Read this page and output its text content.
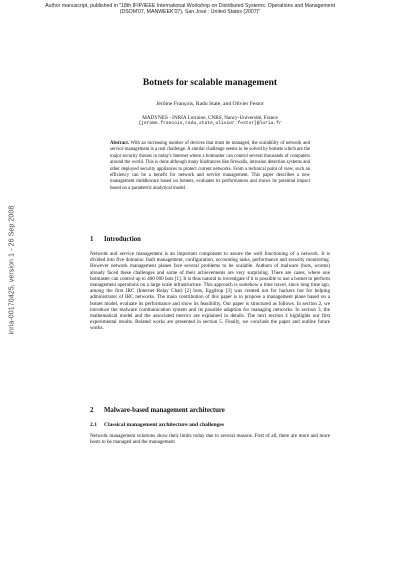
Author manuscript, published in "18th IFIP/IEEE International Workshop on Distributed Systems: Operations and Management
(DSOM'07, MANWEEK'07), San José : United States (2007)"
inria-00170425, version 1 - 26 Sep 2008
Botnets for scalable management
Jérôme François, Radu State, and Olivier Festor
MADYNES - INRIA Lorraine, CNRS, Nancy-Université, France
{jerome.francois,radu.state,olivier.festor}@loria.fr
Abstract. With an increasing number of devices that must be managed, the scalability of network and service management is a real challenge. A similar challenge seems to be solved by botnets which are the major security threats in today's Internet where a botmaster can control several thousands of computers around the world. This is done although many hindrances like firewalls, intrusion detection systems and other deployed security appliances to protect current networks. From a technical point of view, such an efficiency can be a benefit for network and service management. This paper describes a new management middleware based on botnets, evaluates its performances and shows its potential impact based on a parametric analytical model.
1 Introduction
Network and service management is an important component to assure the well functioning of a network. It is divided into five domains: fault management, configuration, accounting tasks, performance and security monitoring. However network management planes face several problems to be scalable. Authors of malware (bots, worms) already faced these challenges and some of their achievements are very surprising. There are cases, where one botmaster can control up to 400 000 bots [1]. It is thus natural to investigate if it is possible to use a botnet to perform management operations on a large scale infrastructure. This approach is somehow a time travel, since long time ago, among the first IRC (Internet Relay Chat) [2] bots, Eggdrop [3] was created not for hackers but for helping administrator of IRC networks. The main contribution of this paper is to propose a management plane based on a botnet model, evaluate its performance and show its feasibility. Our paper is structured as follows. In section 2, we introduce the malware communication system and its possible adaption for managing networks. In section 3, the mathematical model and the associated metrics are explained in details. The next section 4 highlights our first experimental results. Related works are presented in section 5. Finally, we conclude the paper and outline future works.
2 Malware-based management architecture
2.1 Classical management architecture and challenges
Network management solutions show their limits today due to several reasons. First of all, there are more and more hosts to be managed and the management
